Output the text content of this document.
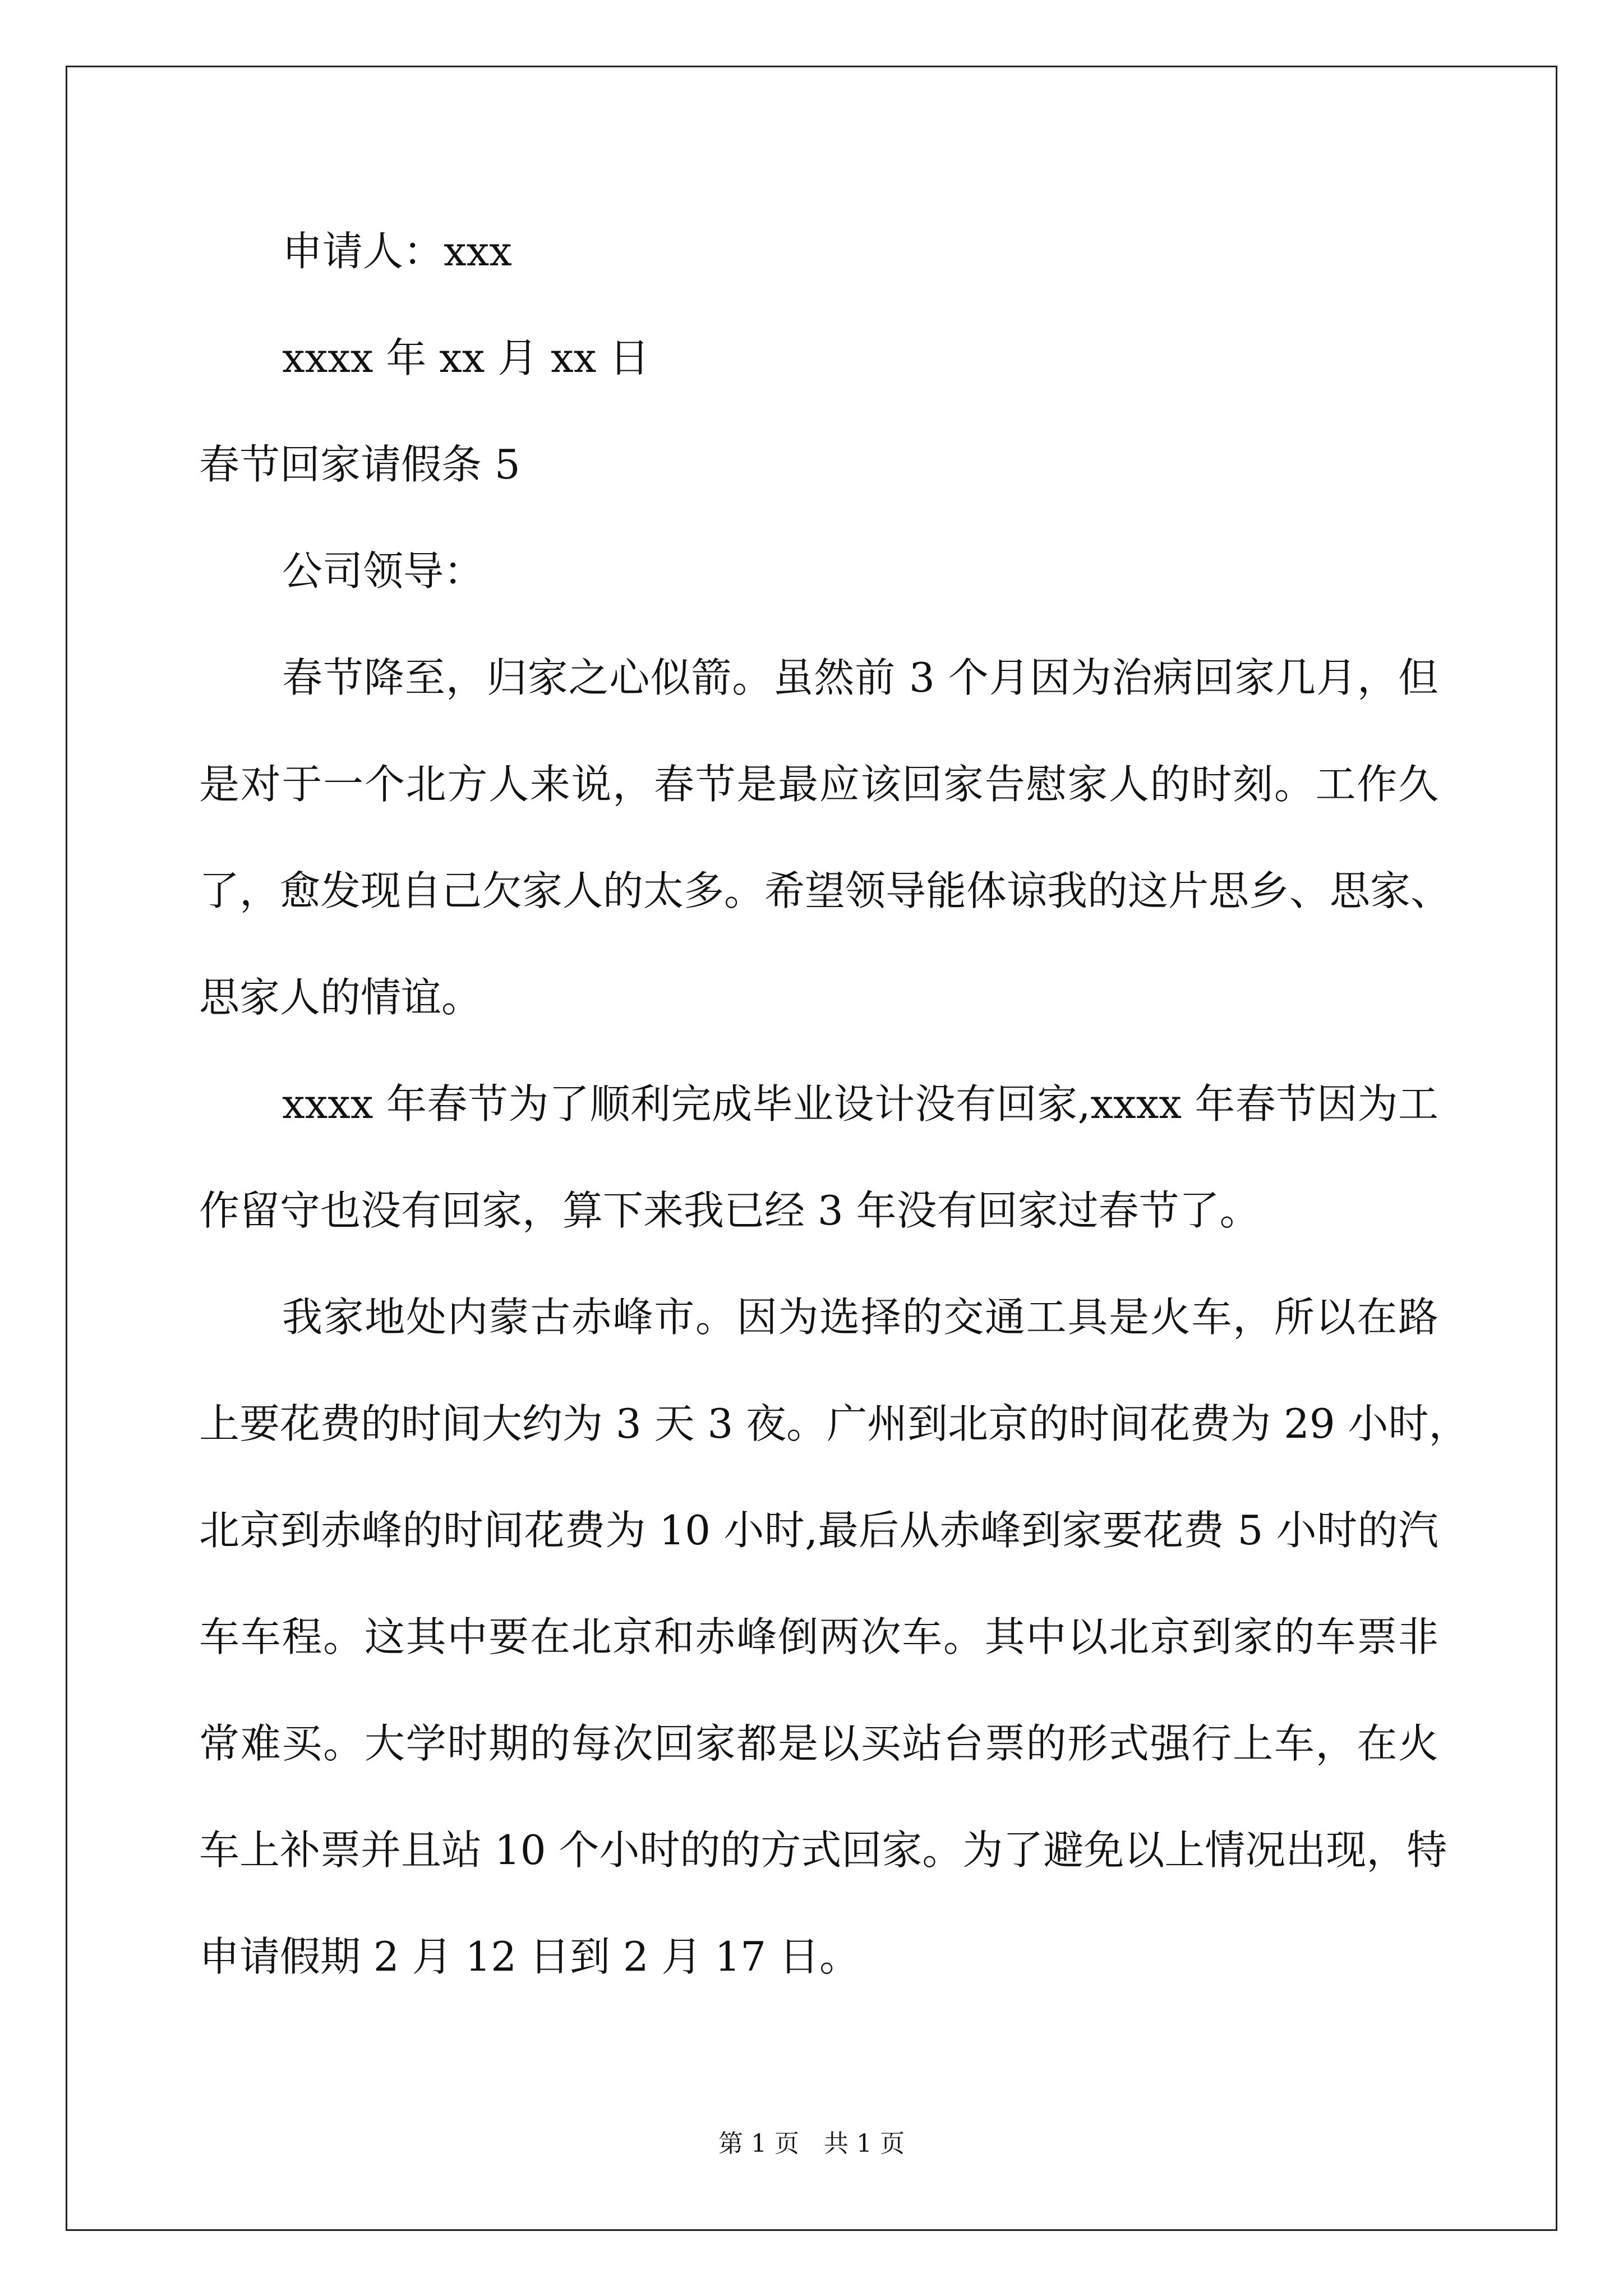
申请人：xxx
xxxx 年 xx 月 xx 日
春节回家请假条 5
公司领导：
春节降至，归家之心似箭。虽然前 3 个月因为治病回家几月，但
是对于一个北方人来说，春节是最应该回家告慰家人的时刻。工作久
了，愈发现自己欠家人的太多。希望领导能体谅我的这片思乡、思家、
思家人的情谊。
xxxx 年春节为了顺利完成毕业设计没有回家,xxxx 年春节因为工
作留守也没有回家，算下来我已经 3 年没有回家过春节了。
我家地处内蒙古赤峰市。因为选择的交通工具是火车，所以在路
上要花费的时间大约为 3 天 3 夜。广州到北京的时间花费为 29 小时，
北京到赤峰的时间花费为 10 小时,最后从赤峰到家要花费 5 小时的汽
车车程。这其中要在北京和赤峰倒两次车。其中以北京到家的车票非
常难买。大学时期的每次回家都是以买站台票的形式强行上车，在火
车上补票并且站 10 个小时的的方式回家。为了避免以上情况出现，特
申请假期 2 月 12 日到 2 月 17 日。
第 1 页　共 1 页
